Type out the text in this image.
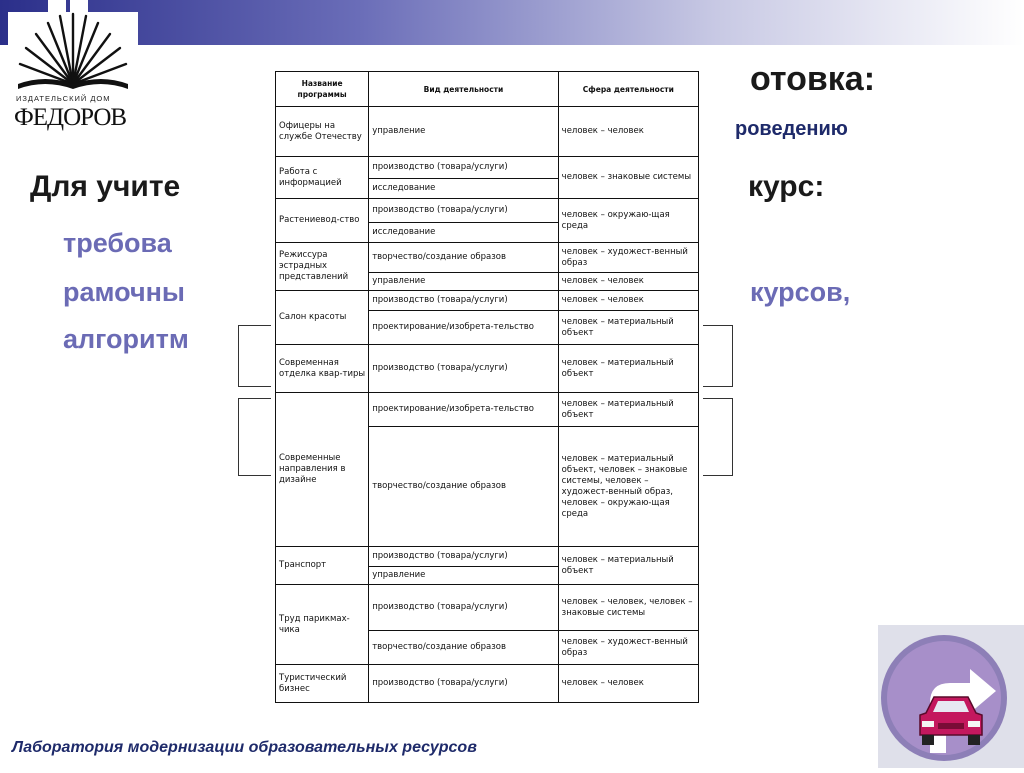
ИЗДАТЕЛЬСКИЙ ДОМ
ФЕДОРОВ
отовка:
роведению
Для учите	курс:
требова
рамочны	курсов,
алгоритм
Название программы	Вид деятельности	Сфера деятельности
Офицеры на службе Отечеству	управление	человек – человек
Работа с информацией	производство (товара/услуги)	человек – знаковые системы
	исследование	
Растениевод-ство	производство (товара/услуги)	человек – окружаю-щая среда
	исследование	
Режиссура эстрадных представлений	творчество/создание образов	человек – художест-венный образ
	управление	человек – человек
Салон красоты	производство (товара/услуги)	человек – человек
	проектирование/изобрета-тельство	человек – материальный объект
Современная отделка квар-тиры	производство (товара/услуги)	человек – материальный объект
Современные направления в дизайне	проектирование/изобрета-тельство	человек – материальный объект
	творчество/создание образов	человек – материальный объект, человек – знаковые системы, человек – художест-венный образ, человек – окружаю-щая среда
Транспорт	производство (товара/услуги)	человек – материальный объект
	управление	
Труд парикмах-чика	производство (товара/услуги)	человек – человек, человек – знаковые системы
	творчество/создание образов	человек – художест-венный образ
Туристический бизнес	производство (товара/услуги)	человек – человек
Лаборатория модернизации образовательных ресурсов
